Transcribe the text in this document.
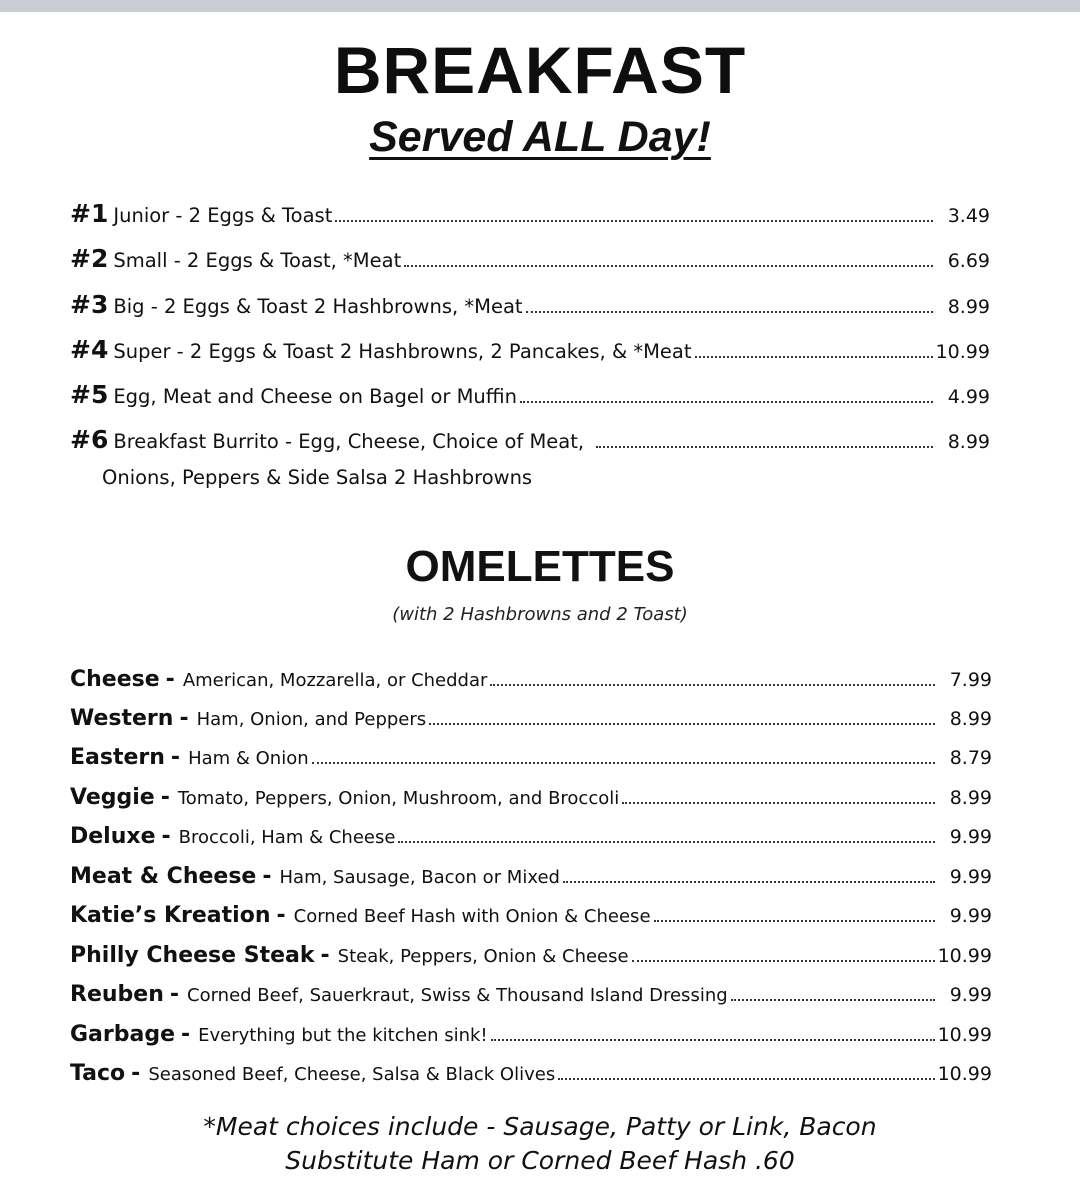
BREAKFAST
Served ALL Day!
#1 Junior - 2 Eggs & Toast	3.49
#2 Small - 2 Eggs & Toast, *Meat	6.69
#3 Big - 2 Eggs & Toast 2 Hashbrowns, *Meat	8.99
#4 Super - 2 Eggs & Toast 2 Hashbrowns, 2 Pancakes, & *Meat	10.99
#5 Egg, Meat and Cheese on Bagel or Muffin	4.99
#6 Breakfast Burrito - Egg, Cheese, Choice of Meat,	8.99
Onions, Peppers & Side Salsa 2 Hashbrowns
OMELETTES
(with 2 Hashbrowns and 2 Toast)
Cheese - American, Mozzarella, or Cheddar	7.99
Western - Ham, Onion, and Peppers	8.99
Eastern - Ham & Onion	8.79
Veggie - Tomato, Peppers, Onion, Mushroom, and Broccoli	8.99
Deluxe - Broccoli, Ham & Cheese	9.99
Meat & Cheese - Ham, Sausage, Bacon or Mixed	9.99
Katie’s Kreation - Corned Beef Hash with Onion & Cheese	9.99
Philly Cheese Steak - Steak, Peppers, Onion & Cheese	10.99
Reuben - Corned Beef, Sauerkraut, Swiss & Thousand Island Dressing	9.99
Garbage - Everything but the kitchen sink!	10.99
Taco - Seasoned Beef, Cheese, Salsa & Black Olives	10.99
*Meat choices include - Sausage, Patty or Link, Bacon
Substitute Ham or Corned Beef Hash .60
